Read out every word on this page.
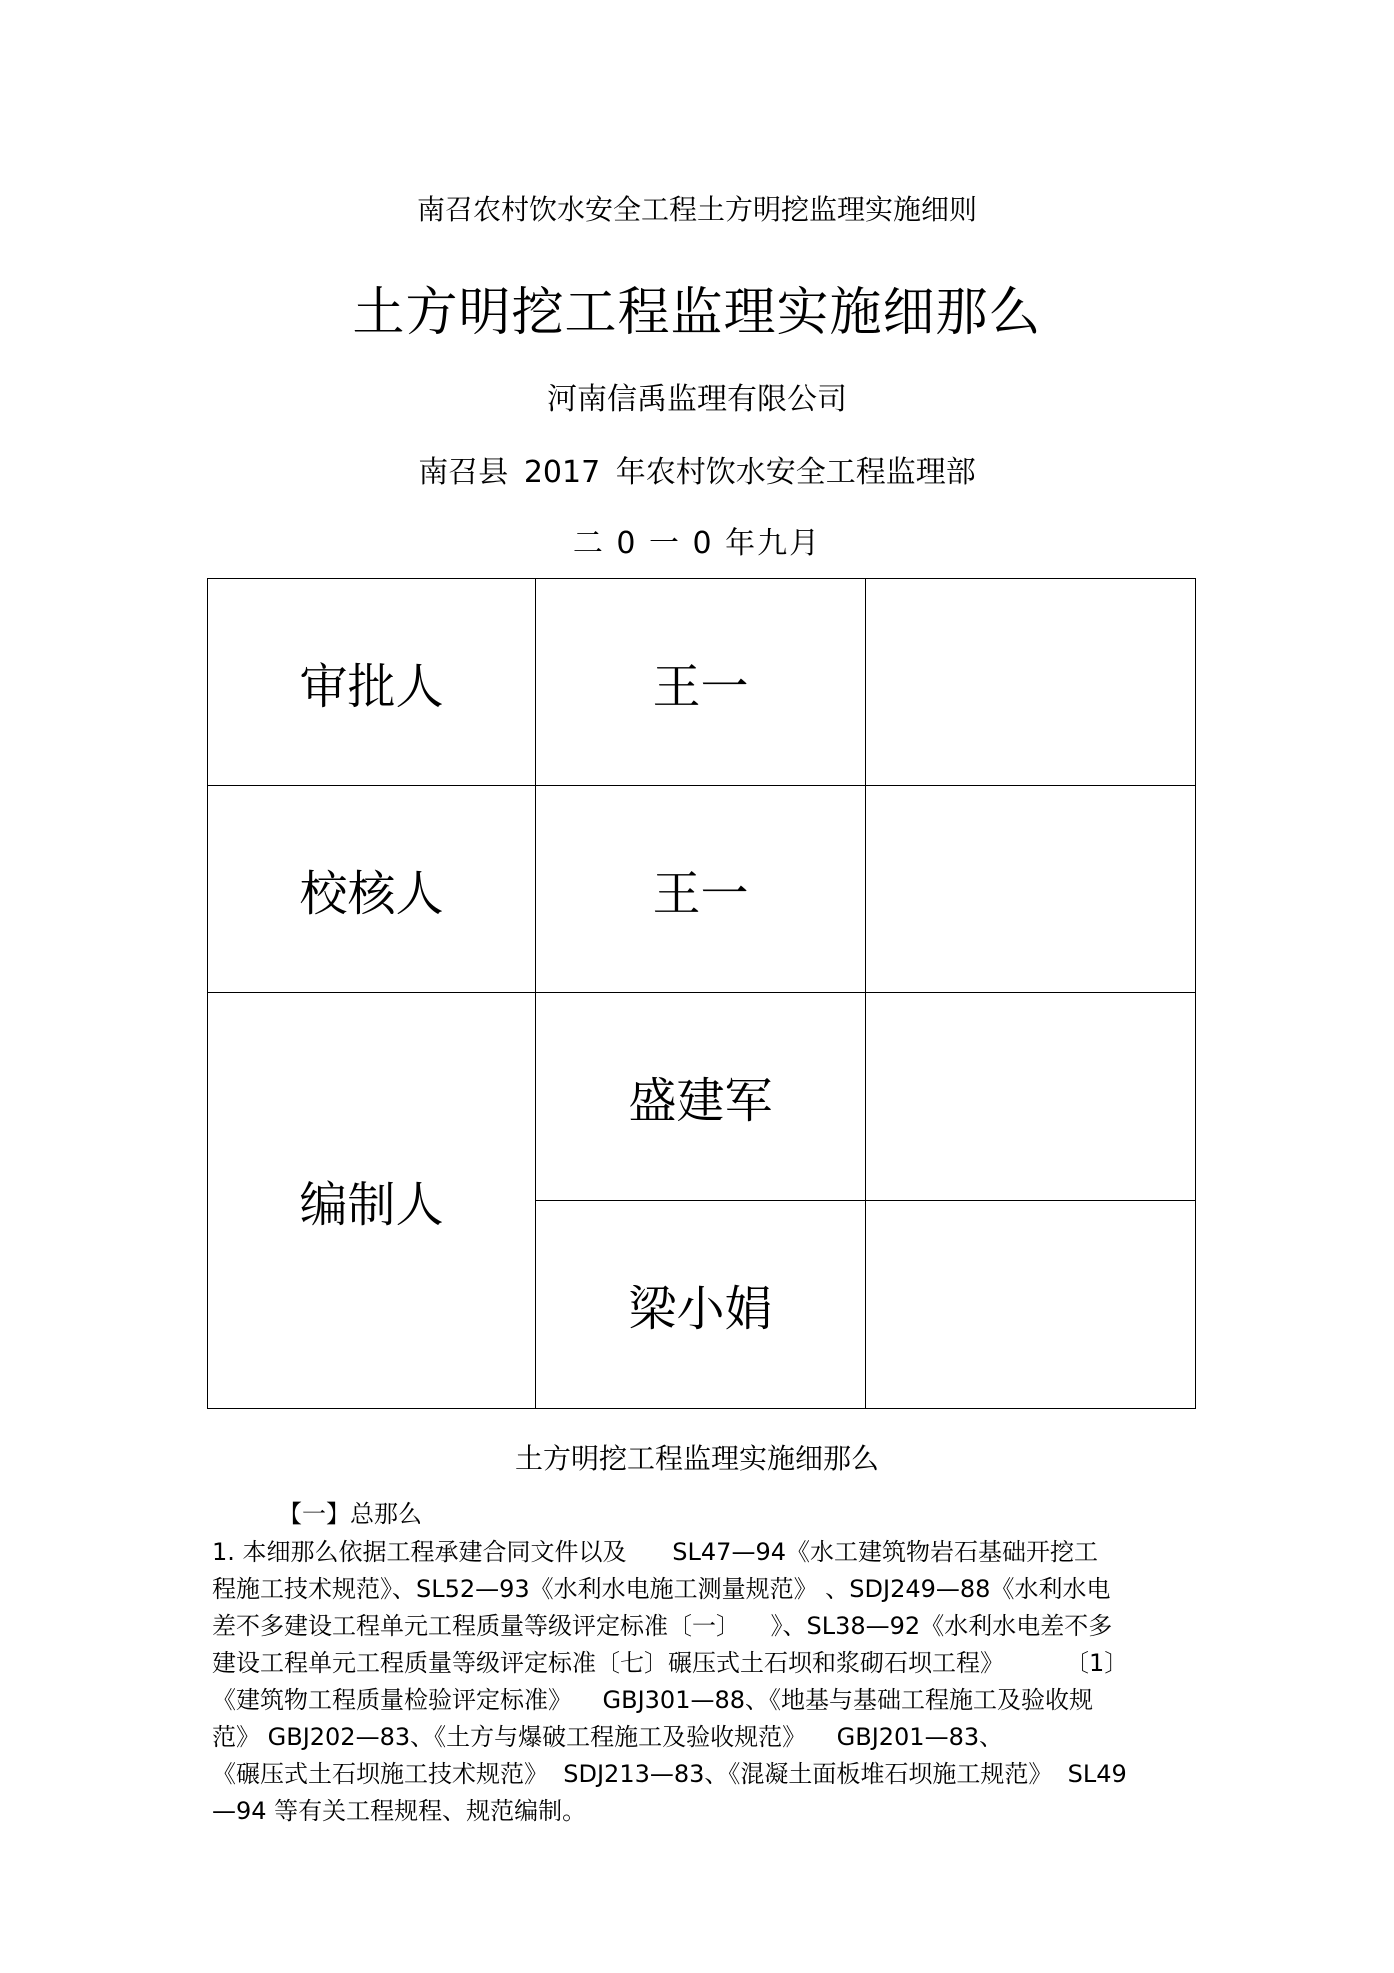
南召农村饮水安全工程土方明挖监理实施细则
土方明挖工程监理实施细那么
河南信禹监理有限公司
南召县 2017 年农村饮水安全工程监理部
二 0 一 0 年九月
审批人	王一	
校核人	王一	
编制人	盛建军	
	梁小娟	
土方明挖工程监理实施细那么
【一】总那么
1. 本细那么依据工程承建合同文件以及      SL47—94《水工建筑物岩石基础开挖工
程施工技术规范》、SL52—93《水利水电施工测量规范》 、SDJ249—88《水利水电
差不多建设工程单元工程质量等级评定标准〔一〕    》、SL38—92《水利水电差不多
建设工程单元工程质量等级评定标准〔七〕碾压式土石坝和浆砌石坝工程》        〔1〕
《建筑物工程质量检验评定标准》    GBJ301—88、《地基与基础工程施工及验收规
范》 GBJ202—83、《土方与爆破工程施工及验收规范》    GBJ201—83、
《碾压式土石坝施工技术规范》  SDJ213—83、《混凝土面板堆石坝施工规范》  SL49
—94 等有关工程规程、规范编制。
